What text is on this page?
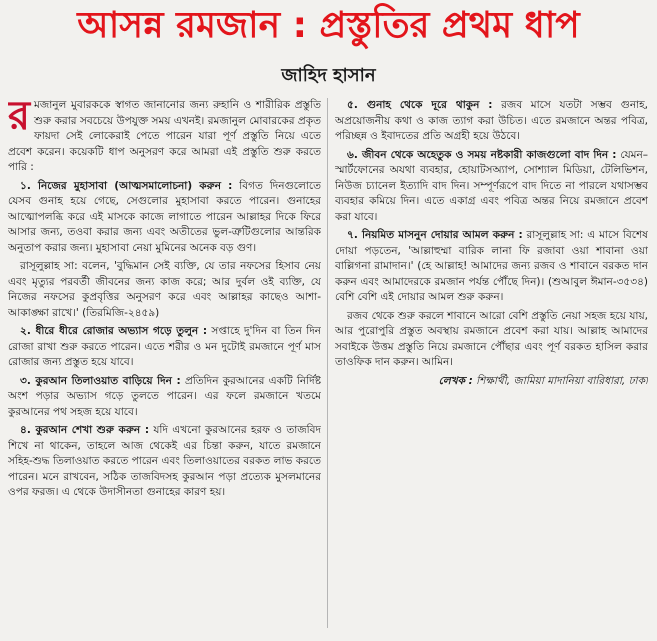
আসন্ন রমজান : প্রস্তুতির প্রথম ধাপ
জাহিদ হাসান

রমজানুল মুবারককে স্বাগত জানানোর জন্য রুহানি ও শারীরিক প্রস্তুতি শুরু করার সবচেয়ে উপযুক্ত সময় এখনই। রমজানুল মোবারকের প্রকৃত ফায়দা সেই লোকেরাই পেতে পারেন যারা পূর্ণ প্রস্তুতি নিয়ে এতে প্রবেশ করেন। কয়েকটি ধাপ অনুসরণ করে আমরা এই প্রস্তুতি শুরু করতে পারি :

১. নিজের মুহাসাবা (আত্মসমালোচনা) করুন : বিগত দিনগুলোতে যেসব গুনাহ হয়ে গেছে, সেগুলোর মুহাসাবা করতে পারেন। গুনাহের আত্মোপলব্ধি করে এই মাসকে কাজে লাগাতে পারেন আল্লাহর দিকে ফিরে আসার জন্য, তওবা করার জন্য এবং অতীতের ভুল-ত্রুটিগুলোর আন্তরিক অনুতাপ করার জন্য। মুহাসাবা নেয়া মুমিনের অনেক বড় গুণ।

রাসূলুল্লাহ সা: বলেন, 'বুদ্ধিমান সেই ব্যক্তি, যে তার নফসের হিসাব নেয় এবং মৃত্যুর পরবর্তী জীবনের জন্য কাজ করে; আর দুর্বল ওই ব্যক্তি, যে নিজের নফসের কুপ্রবৃত্তির অনুসরণ করে এবং আল্লাহর কাছেও আশা-আকাঙ্ক্ষা রাখে।' (তিরমিজি-২৪৫৯)

২. ধীরে ধীরে রোজার অভ্যাস গড়ে তুলুন : সপ্তাহে দু'দিন বা তিন দিন রোজা রাখা শুরু করতে পারেন। এতে শরীর ও মন দুটোই রমজানে পূর্ণ মাস রোজার জন্য প্রস্তুত হয়ে যাবে।

৩. কুরআন তিলাওয়াত বাড়িয়ে দিন : প্রতিদিন কুরআনের একটি নির্দিষ্ট অংশ পড়ার অভ্যাস গড়ে তুলতে পারেন। এর ফলে রমজানে খতমে কুরআনের পথ সহজ হয়ে যাবে।

৪. কুরআন শেখা শুরু করুন : যদি এখনো কুরআনের হরফ ও তাজবিদ শিখে না থাকেন, তাহলে আজ থেকেই এর চিন্তা করুন, যাতে রমজানে সহিহ-শুদ্ধ তিলাওয়াত করতে পারেন এবং তিলাওয়াতের বরকত লাভ করতে পারেন। মনে রাখবেন, সঠিক তাজবিদসহ কুরআন পড়া প্রত্যেক মুসলমানের ওপর ফরজ। এ থেকে উদাসীনতা গুনাহের কারণ হয়।

৫. গুনাহ থেকে দূরে থাকুন : রজব মাসে যতটা সম্ভব গুনাহ, অপ্রয়োজনীয় কথা ও কাজ ত্যাগ করা উচিত। এতে রমজানে অন্তর পবিত্র, পরিচ্ছন্ন ও ইবাদতের প্রতি অগ্রহী হয়ে উঠবে।

৬. জীবন থেকে অহেতুক ও সময় নষ্টকারী কাজগুলো বাদ দিন : যেমন– স্মার্টফোনের অযথা ব্যবহার, হোয়াটসঅ্যাপ, সোশ্যাল মিডিয়া, টেলিভিশন, নিউজ চ্যানেল ইত্যাদি বাদ দিন। সম্পূর্ণরূপে বাদ দিতে না পারলে যথাসম্ভব ব্যবহার কমিয়ে দিন। এতে একাগ্র এবং পবিত্র অন্তর নিয়ে রমজানে প্রবেশ করা যাবে।

৭. নিয়মিত মাসনুন দোয়ার আমল করুন : রাসূলুল্লাহ সা: এ মাসে বিশেষ দোয়া পড়তেন, 'আল্লাহুম্মা বারিক লানা ফি রজাবা ওয়া শাবানা ওয়া বাল্লিগনা রামাদান।' (হে আল্লাহ! আমাদের জন্য রজব ও শাবানে বরকত দান করুন এবং আমাদেরকে রমজান পর্যন্ত পৌঁছে দিন)। (শুআবুল ঈমান-৩৫৩৪) বেশি বেশি এই দোয়ার আমল শুরু করুন।

রজব থেকে শুরু করলে শাবানে আরো বেশি প্রস্তুতি নেয়া সহজ হয়ে যায়, আর পুরোপুরি প্রস্তুত অবস্থায় রমজানে প্রবেশ করা যায়। আল্লাহ আমাদের সবাইকে উত্তম প্রস্তুতি নিয়ে রমজানে পৌঁছার এবং পূর্ণ বরকত হাসিল করার তাওফিক দান করুন। আমিন।

লেখক : শিক্ষার্থী, জামিয়া মাদানিয়া বারিধারা, ঢাকা
